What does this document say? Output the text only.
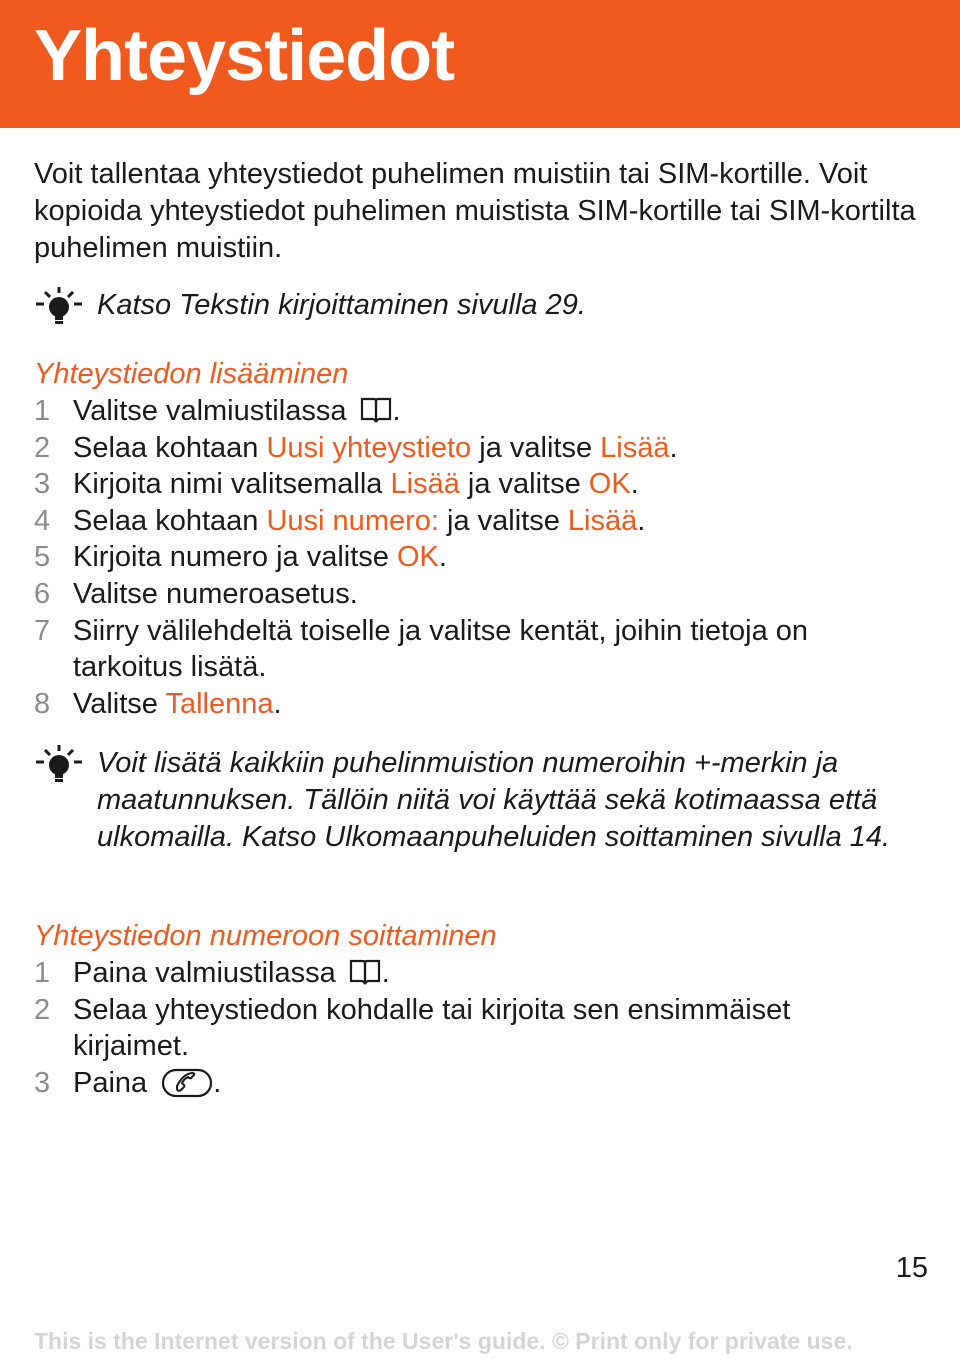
Yhteystiedot

Voit tallentaa yhteystiedot puhelimen muistiin tai SIM-kortille. Voit kopioida yhteystiedot puhelimen muistista SIM-kortille tai SIM-kortilta puhelimen muistiin.

Katso Tekstin kirjoittaminen sivulla 29.

Yhteystiedon lisääminen
1 Valitse valmiustilassa .
2 Selaa kohtaan Uusi yhteystieto ja valitse Lisää.
3 Kirjoita nimi valitsemalla Lisää ja valitse OK.
4 Selaa kohtaan Uusi numero: ja valitse Lisää.
5 Kirjoita numero ja valitse OK.
6 Valitse numeroasetus.
7 Siirry välilehdeltä toiselle ja valitse kentät, joihin tietoja on tarkoitus lisätä.
8 Valitse Tallenna.

Voit lisätä kaikkiin puhelinmuistion numeroihin +-merkin ja maatunnuksen. Tällöin niitä voi käyttää sekä kotimaassa että ulkomailla. Katso Ulkomaanpuheluiden soittaminen sivulla 14.

Yhteystiedon numeroon soittaminen
1 Paina valmiustilassa .
2 Selaa yhteystiedon kohdalle tai kirjoita sen ensimmäiset kirjaimet.
3 Paina .
15
This is the Internet version of the User's guide. © Print only for private use.
